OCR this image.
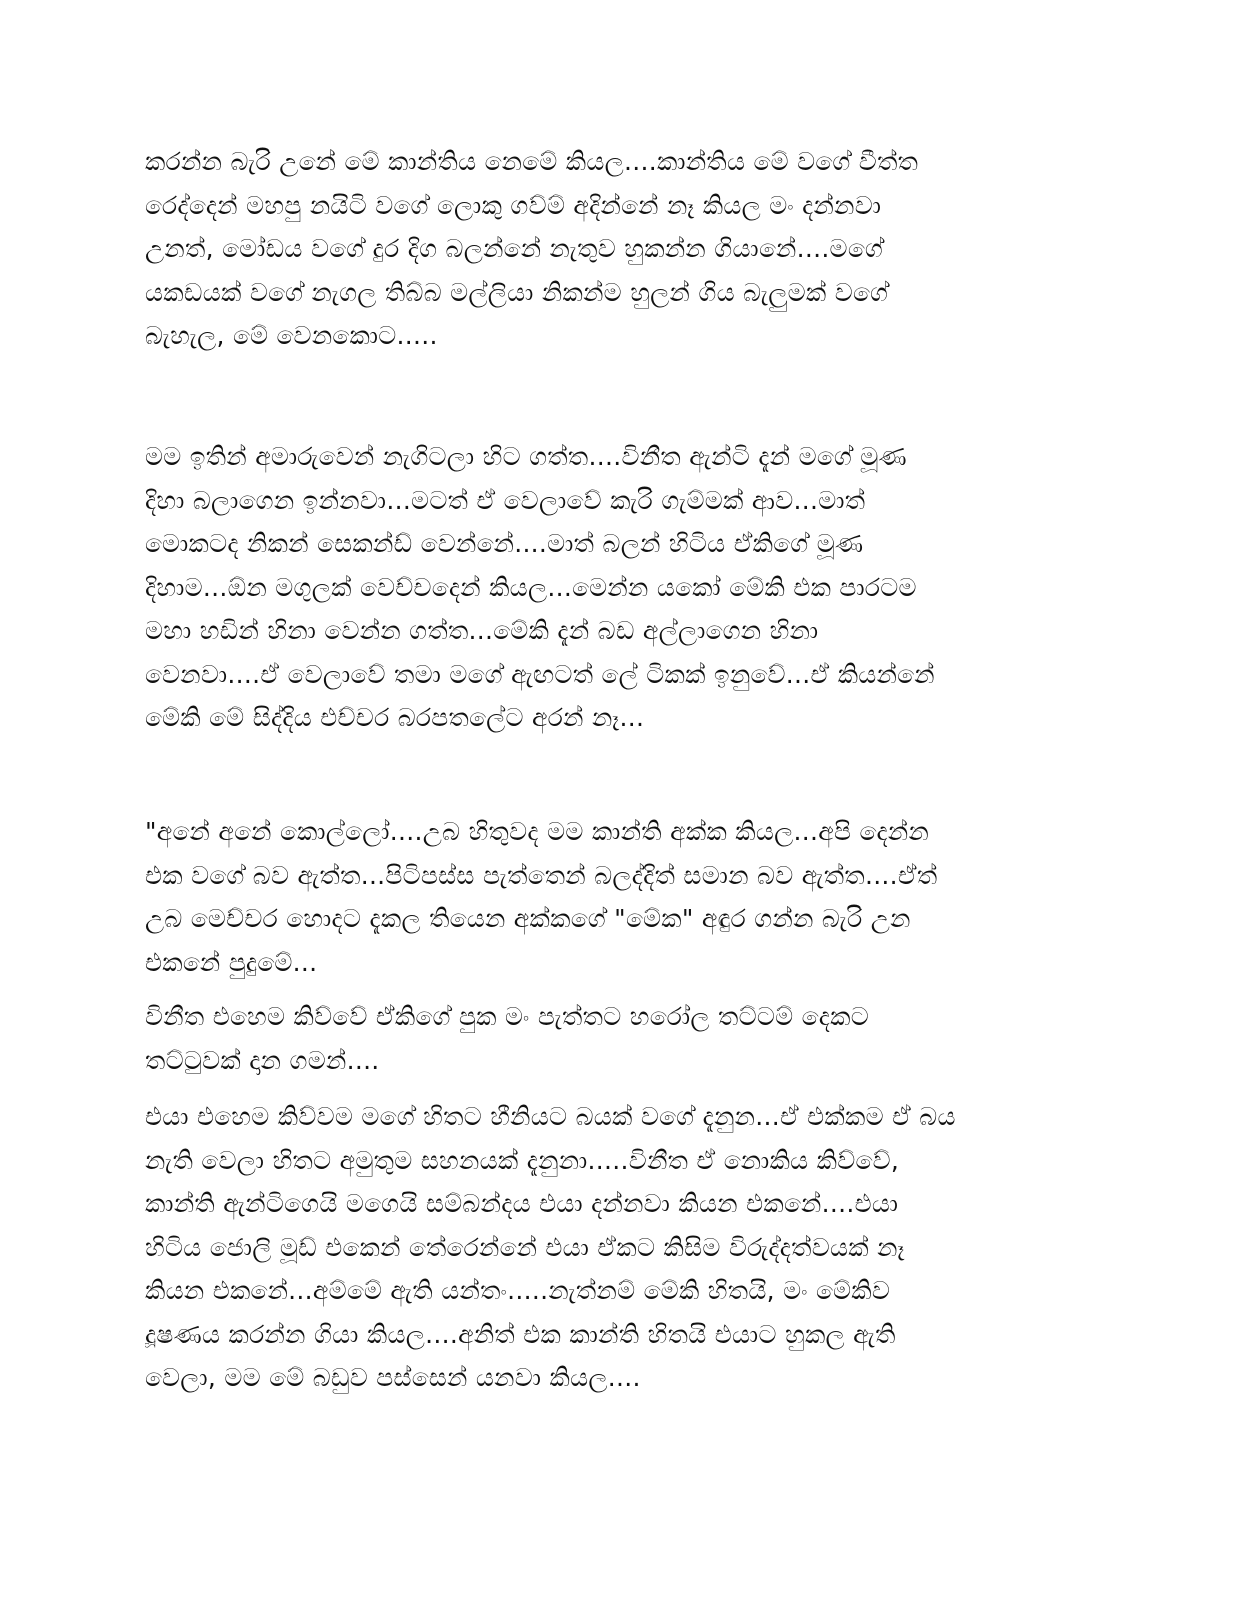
කරන්න බැරි උනේ මේ කාන්තිය නෙමේ කියල....කාන්තිය මේ වගේ වීත්ත
රෙද්දෙන් මහපු නයිටි වගේ ලොකු ගව්ම් අදින්නේ නෑ කියල මං දන්නවා
උනත්, මෝඩය වගේ දුර දිග බලන්නේ නැතුව හුකන්න ගියානේ....මගේ
යකඩයක් වගේ නැගල තිබ්බ මල්ලියා නිකන්ම හුලන් ගිය බැලුමක් වගේ
බැහැල, මේ වෙනකොට.....
මම ඉතින් අමාරුවෙන් නැගිටලා හිට ගත්ත....විනීත ඇන්ටි දැන් මගේ මූණ
දිහා බලාගෙන ඉන්නවා...මටත් ඒ වෙලාවේ කැරි ගැම්මක් ආව...මාත්
මොකටද නිකන් සෙකන්ඩ් වෙන්නේ....මාත් බලන් හිටිය ඒකිගේ මූණ
දිහාම...ඕන මගුලක් වෙච්චදෙන් කියල...මෙන්න යකෝ මේකි එක පාරටම
මහා හඩින් හිනා වෙන්න ගත්ත...මේකි දැන් බඩ අල්ලාගෙන හිනා
වෙනවා....ඒ වෙලාවේ තමා මගේ ඇඟටත් ලේ ටිකක් ඉනුවේ...ඒ කියන්නේ
මේකි මේ සිද්දිය එච්චර බරපතලේට අරන් නෑ...
"අනේ අනේ කොල්ලෝ....උබ හිතුවද මම කාන්ති අක්ක කියල...අපි දෙන්න
එක වගේ බව ඇත්ත...පිටිපස්ස පැත්තෙන් බලද්දිත් සමාන බව ඇත්ත....ඒත්
උබ මෙච්චර හොදට දැකල තියෙන අක්කගේ "මේක" අඳුර ගන්න බැරි උන
එකනේ පුදුමේ...
විනීත එහෙම කිව්වේ ඒකිගේ පුක මං පැත්තට හරෝල තට්ටම් දෙකට
තට්ටුවක් දාන ගමන්....
එයා එහෙම කිව්වම මගේ හිතට හීනියට බයක් වගේ දැනුන...ඒ එක්කම ඒ බය
නැති වෙලා හිතට අමුතුම සහනයක් දැනුනා.....විනීත ඒ නොකිය කිව්වේ,
කාන්ති ඇන්ටිගෙයි මගෙයි සම්බන්දය එයා දන්නවා කියන එකනේ....එයා
හිටිය ජොලි මූඩ් එකෙන් තේරෙන්නේ එයා ඒකට කිසිම විරුද්දත්වයක් නෑ
කියන එකනේ...අම්මේ ඇති යන්තං.....නැත්නම් මේකි හිතයි, මං මේකිව
දූෂණය කරන්න ගියා කියල....අනිත් එක කාන්ති හිතයි එයාට හුකල ඇති
වෙලා, මම මේ බඩුව පස්සෙන් යනවා කියල....
